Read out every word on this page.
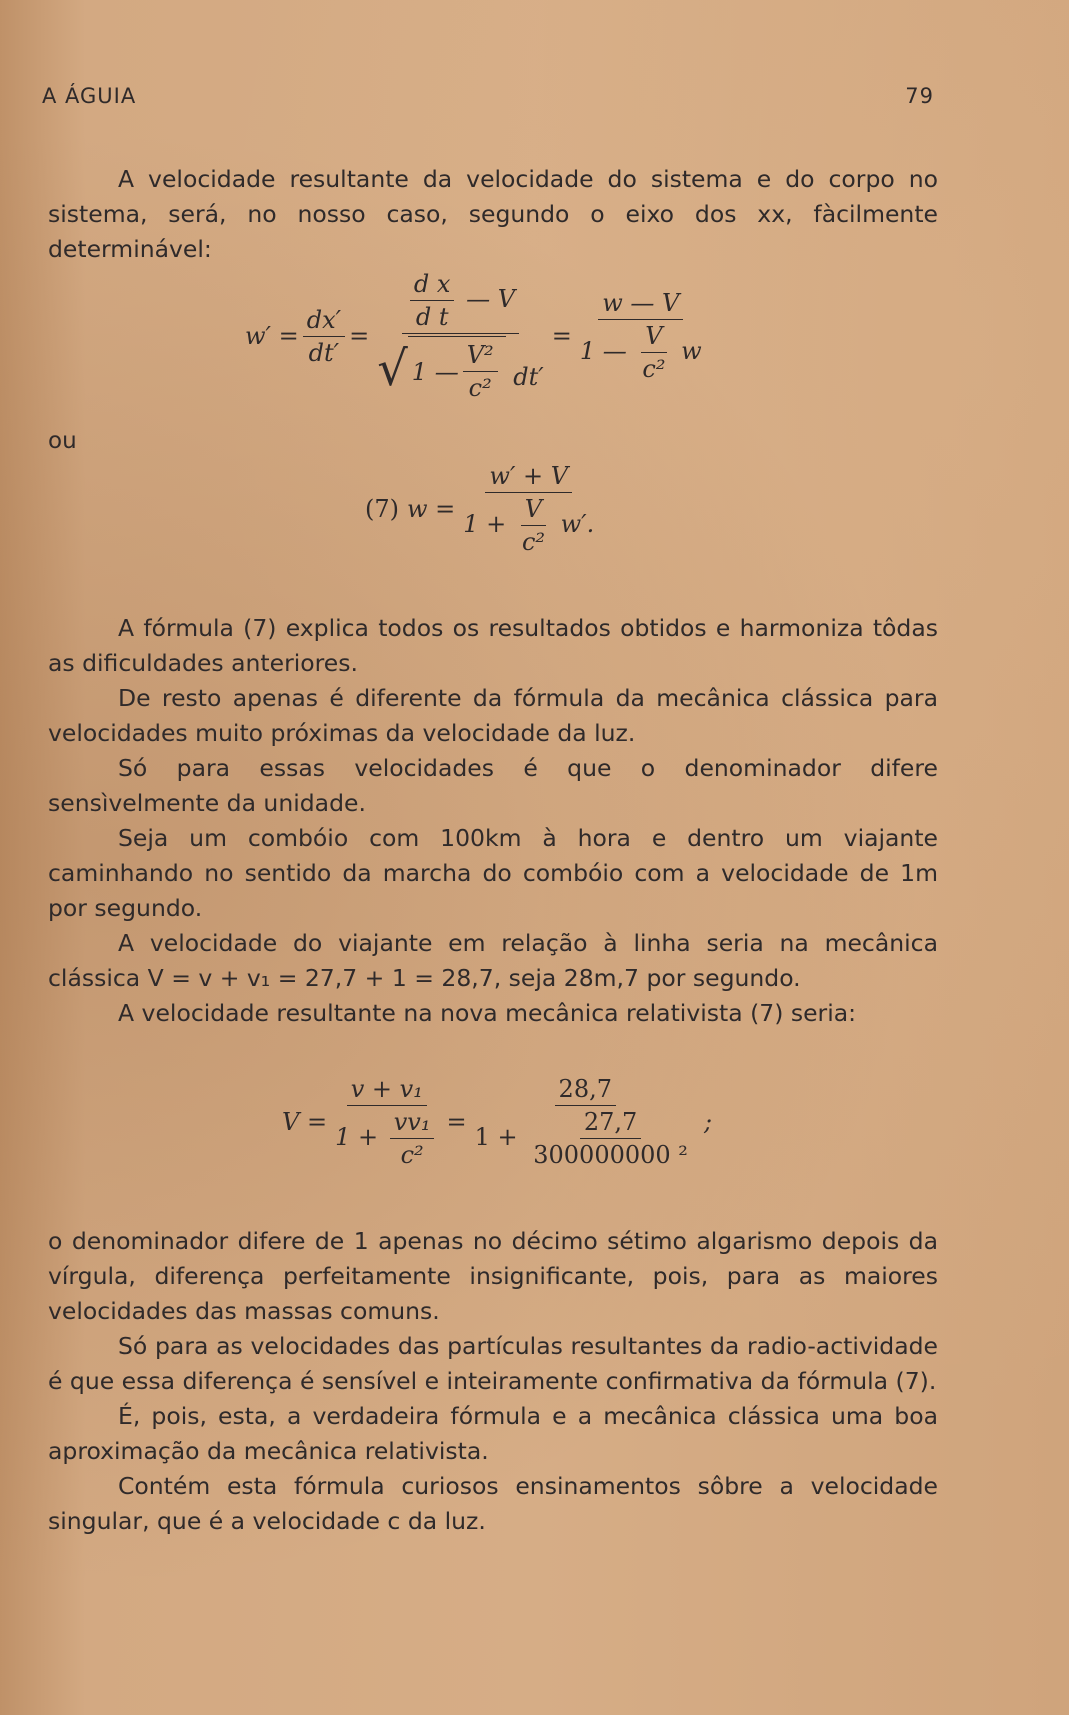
A ÁGUIA	79

A velocidade resultante da velocidade do sistema e do corpo no sistema, será, no nosso caso, segundo o eixo dos xx, fàcilmente determinável:

$w' = \frac{dx'}{dt'}$ =
$\frac{\text{d x}}{\text{d t}}$ — V
√ 1 — $\frac{\text{V²}}{\text{c²}} dt'$
= $\frac{w — V}{1 — \frac{V}{\text{c²}} w}$
ou
(7) $w = \frac{w' + V}{1 + \frac{V}{\text{c²}} w'.}$

A fórmula (7) explica todos os resultados obtidos e harmoniza tôdas as dificuldades anteriores.

De resto apenas é diferente da fórmula da mecânica clássica para velocidades muito próximas da velocidade da luz.

Só para essas velocidades é que o denominador difere sensìvelmente da unidade.

Seja um combóio com 100km à hora e dentro um viajante caminhando no sentido da marcha do combóio com a velocidade de 1m por segundo.

A velocidade do viajante em relação à linha seria na mecânica clássica V = v + v₁ = 27,7 + 1 = 28,7, seja 28m,7 por segundo.

A velocidade resultante na nova mecânica relativista (7) seria:

$V = \frac{\text{v + v₁}}{1 + \frac{\text{vv₁}}{\text{c²}}} = \frac{28,7}{1 + \frac{27,7}{\text{300000000 ²}}}$ ;

o denominador difere de 1 apenas no décimo sétimo algarismo depois da vírgula, diferença perfeitamente insignificante, pois, para as maiores velocidades das massas comuns.

Só para as velocidades das partículas resultantes da radio-actividade é que essa diferença é sensível e inteiramente confirmativa da fórmula (7).

É, pois, esta, a verdadeira fórmula e a mecânica clássica uma boa aproximação da mecânica relativista.

Contém esta fórmula curiosos ensinamentos sôbre a velocidade singular, que é a velocidade c da luz.
